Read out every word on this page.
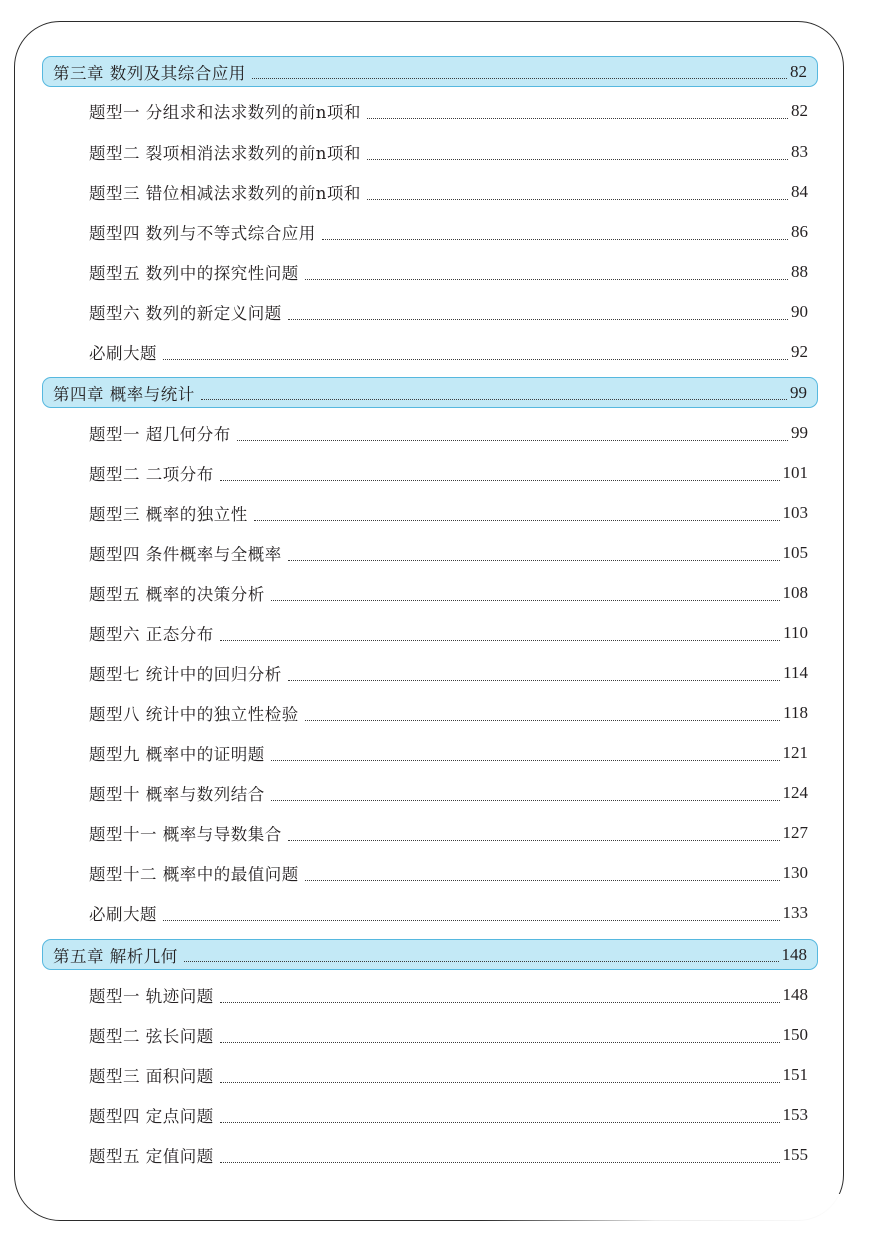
第三章 数列及其综合应用	82
题型一 分组求和法求数列的前n项和	82
题型二 裂项相消法求数列的前n项和	83
题型三 错位相减法求数列的前n项和	84
题型四 数列与不等式综合应用	86
题型五 数列中的探究性问题	88
题型六 数列的新定义问题	90
必刷大题	92
第四章 概率与统计	99
题型一 超几何分布	99
题型二 二项分布	101
题型三 概率的独立性	103
题型四 条件概率与全概率	105
题型五 概率的决策分析	108
题型六 正态分布	110
题型七 统计中的回归分析	114
题型八 统计中的独立性检验	118
题型九 概率中的证明题	121
题型十 概率与数列结合	124
题型十一 概率与导数集合	127
题型十二 概率中的最值问题	130
必刷大题	133
第五章 解析几何	148
题型一 轨迹问题	148
题型二 弦长问题	150
题型三 面积问题	151
题型四 定点问题	153
题型五 定值问题	155
